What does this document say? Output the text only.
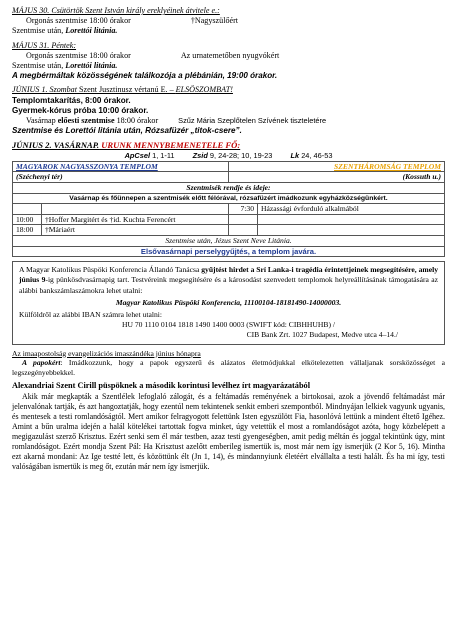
MÁJUS 30. Csütörtök Szent István király ereklyéinek átvitele e.:
Orgonás szentmise 18:00 órakor	†Nagyszülőért
Szentmise után, Lorettói litánia.
MÁJUS 31. Péntek:
Orgonás szentmise 18:00 órakor	Az urnatemetőben nyugvókért
Szentmise után, Lorettói litánia.
A megbérmáltak közösségének találkozója a plébánián, 19:00 órakor.
JÚNIUS 1. Szombat Szent Jusztinusz vértanú E. – ELSŐSZOMBAT!
Templomtakarítás, 8:00 órakor.
Gyermek-kórus próba 10:00 órakor.
Vasárnap előesti szentmise 18:00 órakor	Szűz Mária Szeplőtelen Szívének tiszteletére
Szentmise és Lorettói litánia után, Rózsafüzér „titok-csere”.
JÚNIUS 2. VASÁRNAP. URUNK MENNYBEMENETELE FŐ:
ApCsel 1, 1-11 Zsid 9, 24-28; 10, 19-23 Lk 24, 46-53
MAGYAROK NAGYASSZONYA TEMPLOM		SZENTHÁROMSÁG TEMPLOM	
(Széchenyi tér)		(Kossuth u.)	
Szentmisék rendje és ideje:			
Vasárnap és főünnepen a szentmisék előtt félórával, rózsafüzért imádkozunk egyházközségünkért.			
		7:30	Házassági évforduló alkalmából
10:00	†Hoffer Margitért és †id. Kuchta Ferencért		
18:00	†Máriaért		
Szentmise után, Jézus Szent Neve Litánia.			
Elsővasárnapi perselygyűjtés, a templom javára.			
A Magyar Katolikus Püspöki Konferencia Állandó Tanácsa gyűjtést hirdet a Srí Lanka-i tragédia érintettjeinek megsegítésére, amely június 9-ig pünkösdvasárnapig tart. Testvéreink megsegítésére és a károsodást szenvedett templomok helyreállításának támogatására az alábbi bankszámlaszámokra lehet utalni:
Magyar Katolikus Püspöki Konferencia, 11100104-18181490-14000003.
Külföldről az alábbi IBAN számra lehet utalni:
HU 70 1110 0104 1818 1490 1400 0003 (SWIFT kód: CIBHHUHB) /
CIB Bank Zrt. 1027 Budapest, Medve utca 4–14./
Az imaapostolság evangelizációs imaszándéka június hónapra
A papokért: Imádkozzunk, hogy a papok egyszerű és alázatos életmódjukkal elkötelezetten vállaljanak sorsközösséget a legszegényebbekkel.
Alexandriai Szent Cirill püspöknek a második korintusi levélhez írt magyarázatából
Akik már megkapták a Szentlélek lefoglaló zálogát, és a feltámadás reményének a birtokosai, azok a jövendő feltámadást már jelenvalónak tartják, és azt hangoztatják, hogy ezentúl nem tekintenek senkit emberi szempontból. Mindnyájan lelkiek vagyunk ugyanis, és mentesek a testi romlandóságtól. Mert amikor felragyogott felettünk Isten egyszülött Fia, hasonlóvá lettünk a mindent éltető Igéhez. Amint a bűn uralma idején a halál kötelékei tartottak fogva minket, úgy vetettük el most a romlandóságot azóta, hogy közbelépett a megigazulást szerző Krisztus. Ezért senki sem él már testben, azaz testi gyengeségben, amit pedig méltán és joggal tekintünk úgy, mint romlandóságot. Ezért mondja Szent Pál: Ha Krisztust azelőtt emberileg ismertük is, most már nem így ismerjük (2 Kor 5, 16). Mintha ezt akarná mondani: Az Ige testté lett, és közöttünk élt (Jn 1, 14), és mindannyiunk életéért elvállalta a testi halált. És ha mi így, testi valóságában ismertük is meg őt, ezután már nem így ismerjük.
